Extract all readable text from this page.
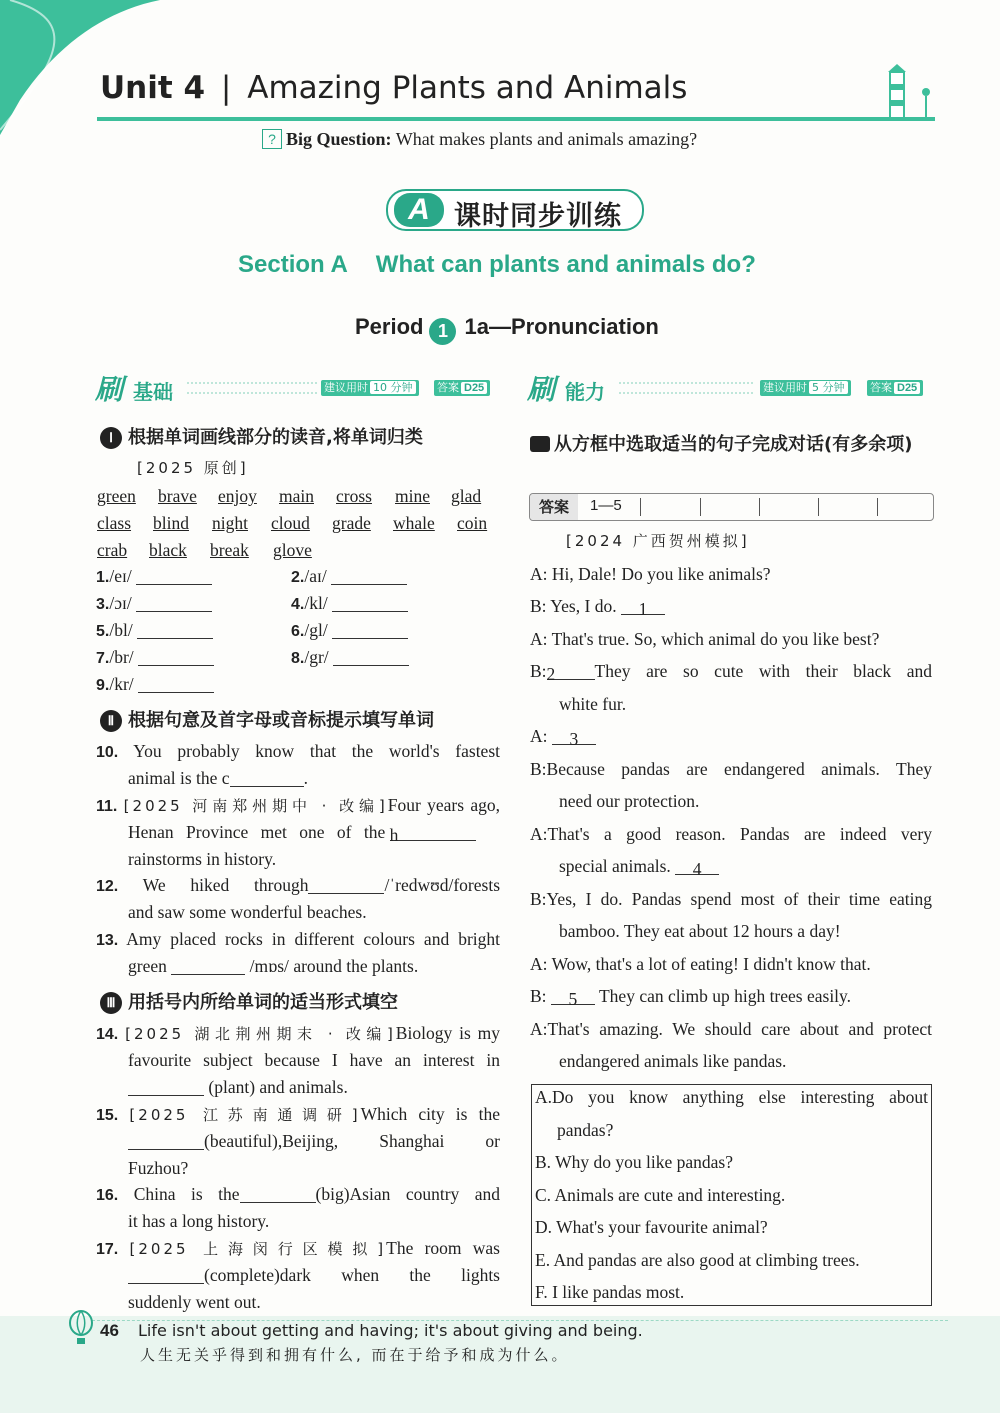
Unit 4 | Amazing Plants and Animals
? Big Question: What makes plants and animals amazing?
A 课时同步训练
Section A What can plants and animals do?
Period 1 1a—Pronunciation
刷 基础	建议用时 10 分钟	答案 D25 刷 能力	建议用时 5 分钟	答案 D25
Ⅰ 根据单词画线部分的读音,将单词归类
[2025 原创]
green brave enjoy main cross mine glad
class blind night cloud grade whale coin
crab black break glove
1./eɪ/	2./aɪ/
3./ɔɪ/	4./kl/
5./bl/	6./gl/
7./br/	8./gr/
9./kr/
Ⅱ 根据句意及首字母或音标提示填写单词
10. You probably know that the world's fastest
animal is the c	.
11. [2025 河南郑州期中 · 改编]Four years ago,
Henan Province met one of the h
rainstorms in history.
12. We hiked through	/ˈredwʊd/forests
and saw some wonderful beaches.
13. Amy placed rocks in different colours and bright
green	/mɒs/ around the plants.
Ⅲ 用括号内所给单词的适当形式填空
14. [2025 湖北荆州期末 · 改编]Biology is my
favourite subject because I have an interest in
(plant) and animals.
15. [2025 江苏南通调研]Which city is the
(beautiful),Beijing, Shanghai or
Fuzhou?
16. China is the	(big)Asian country and
it has a long history.
17. [2025 上海闵行区模拟]The room was
(complete)dark when the lights
suddenly went out.
从方框中选取适当的句子完成对话(有多余项)
答案	1—5
[2024 广西贺州模拟]
A: Hi, Dale! Do you like animals?
B: Yes, I do. 1
A: That's true. So, which animal do you like best?
B:2 They are so cute with their black and
white fur.
A: 3
B:Because pandas are endangered animals. They
need our protection.
A:That's a good reason. Pandas are indeed very
special animals. 4
B:Yes, I do. Pandas spend most of their time eating
bamboo. They eat about 12 hours a day!
A: Wow, that's a lot of eating! I didn't know that.
B: 5 They can climb up high trees easily.
A:That's amazing. We should care about and protect
endangered animals like pandas.
A.Do you know anything else interesting about
pandas?
B. Why do you like pandas?
C. Animals are cute and interesting.
D. What's your favourite animal?
E. And pandas are also good at climbing trees.
F. I like pandas most.
46 Life isn't about getting and having; it's about giving and being.
人生无关乎得到和拥有什么, 而在于给予和成为什么。
